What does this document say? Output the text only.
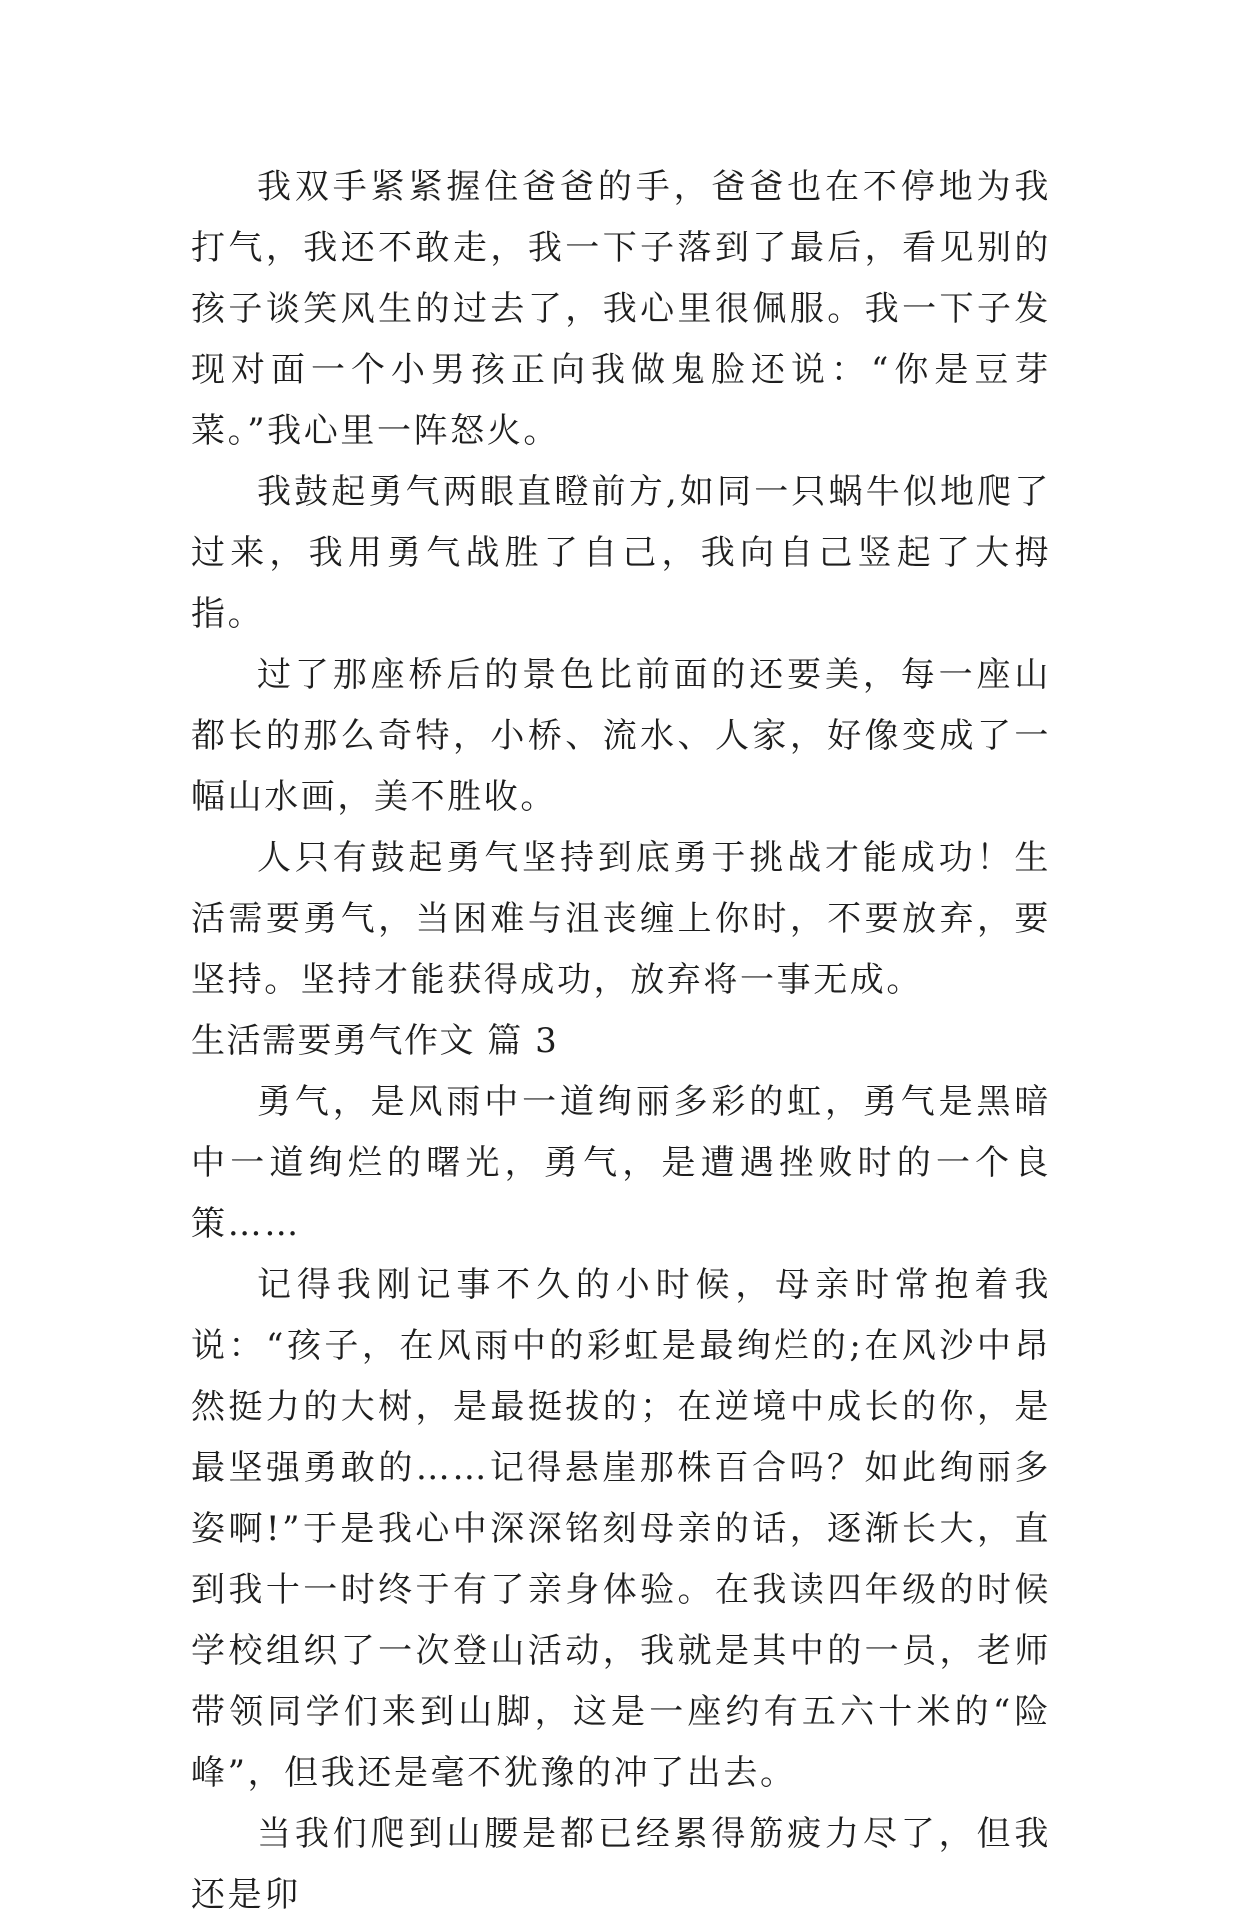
我双手紧紧握住爸爸的手，爸爸也在不停地为我打气，我还不敢走，我一下子落到了最后，看见别的孩子谈笑风生的过去了，我心里很佩服。我一下子发现对面一个小男孩正向我做鬼脸还说：“你是豆芽菜。”我心里一阵怒火。

我鼓起勇气两眼直瞪前方,如同一只蜗牛似地爬了过来，我用勇气战胜了自己，我向自己竖起了大拇指。

过了那座桥后的景色比前面的还要美，每一座山都长的那么奇特，小桥、流水、人家，好像变成了一幅山水画，美不胜收。

人只有鼓起勇气坚持到底勇于挑战才能成功！生活需要勇气，当困难与沮丧缠上你时，不要放弃，要坚持。坚持才能获得成功，放弃将一事无成。

生活需要勇气作文 篇 3

勇气，是风雨中一道绚丽多彩的虹，勇气是黑暗中一道绚烂的曙光，勇气，是遭遇挫败时的一个良策……

记得我刚记事不久的小时候，母亲时常抱着我说：“孩子，在风雨中的彩虹是最绚烂的;在风沙中昂然挺力的大树，是最挺拔的；在逆境中成长的你，是最坚强勇敢的……记得悬崖那株百合吗？如此绚丽多姿啊!”于是我心中深深铭刻母亲的话，逐渐长大，直到我十一时终于有了亲身体验。在我读四年级的时候学校组织了一次登山活动，我就是其中的一员，老师带领同学们来到山脚，这是一座约有五六十米的“险峰”，但我还是毫不犹豫的冲了出去。

当我们爬到山腰是都已经累得筋疲力尽了，但我还是卯
